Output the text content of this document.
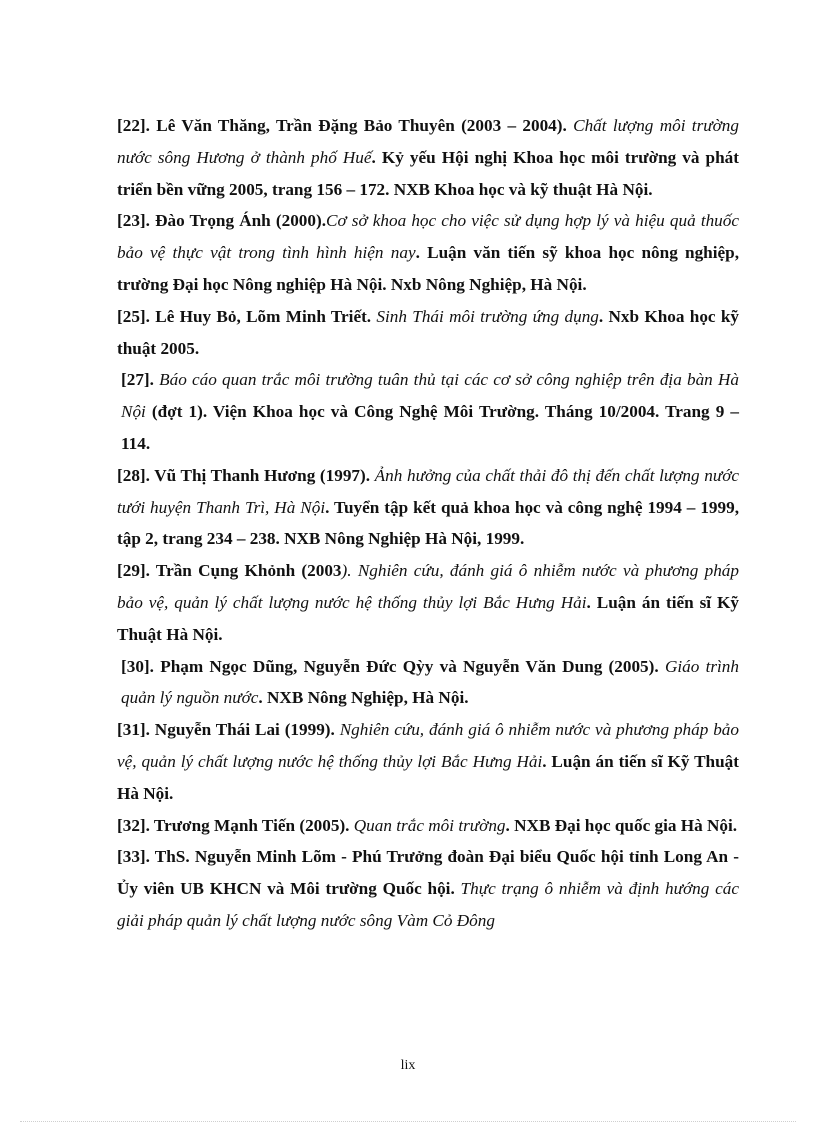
[22]. Lê Văn Thăng, Trần Đặng Bảo Thuyên (2003 – 2004). Chất lượng môi trường nước sông Hương ở thành phố Huế. Kỷ yếu Hội nghị Khoa học môi trường và phát triển bền vững 2005, trang 156 – 172. NXB Khoa học và kỹ thuật Hà Nội.

[23]. Đào Trọng Ánh (2000).Cơ sở khoa học cho việc sử dụng hợp lý và hiệu quả thuốc bảo vệ thực vật trong tình hình hiện nay. Luận văn tiến sỹ khoa học nông nghiệp, trường Đại học Nông nghiệp Hà Nội. Nxb Nông Nghiệp, Hà Nội.

[25]. Lê Huy Bỏ, Lõm Minh Triết. Sinh Thái môi trường ứng dụng. Nxb Khoa học kỹ thuật 2005.

[27]. Báo cáo quan trắc môi trường tuân thủ tại các cơ sở công nghiệp trên địa bàn Hà Nội (đợt 1). Viện Khoa học và Công Nghệ Môi Trường. Tháng 10/2004. Trang 9 – 114.

[28]. Vũ Thị Thanh Hương (1997). Ảnh hưởng của chất thải đô thị đến chất lượng nước tưới huyện Thanh Trì, Hà Nội. Tuyển tập kết quả khoa học và công nghệ 1994 – 1999, tập 2, trang 234 – 238. NXB Nông Nghiệp Hà Nội, 1999.

[29]. Trần Cụng Khỏnh (2003). Nghiên cứu, đánh giá ô nhiễm nước và phương pháp bảo vệ, quản lý chất lượng nước hệ thống thủy lợi Bắc Hưng Hải. Luận án tiến sĩ Kỹ Thuật Hà Nội.

[30]. Phạm Ngọc Dũng, Nguyễn Đức Qỳy và Nguyễn Văn Dung (2005). Giáo trình quản lý nguồn nước. NXB Nông Nghiệp, Hà Nội.

[31]. Nguyễn Thái Lai (1999). Nghiên cứu, đánh giá ô nhiễm nước và phương pháp bảo vệ, quản lý chất lượng nước hệ thống thủy lợi Bắc Hưng Hải. Luận án tiến sĩ Kỹ Thuật Hà Nội.

[32]. Trương Mạnh Tiến (2005). Quan trắc môi trường. NXB Đại học quốc gia Hà Nội.

[33]. ThS. Nguyễn Minh Lõm - Phú Trưởng đoàn Đại biểu Quốc hội tỉnh Long An - Ủy viên UB KHCN và Môi trường Quốc hội. Thực trạng ô nhiễm và định hướng các giải pháp quản lý chất lượng nước sông Vàm Cỏ Đông

lix
